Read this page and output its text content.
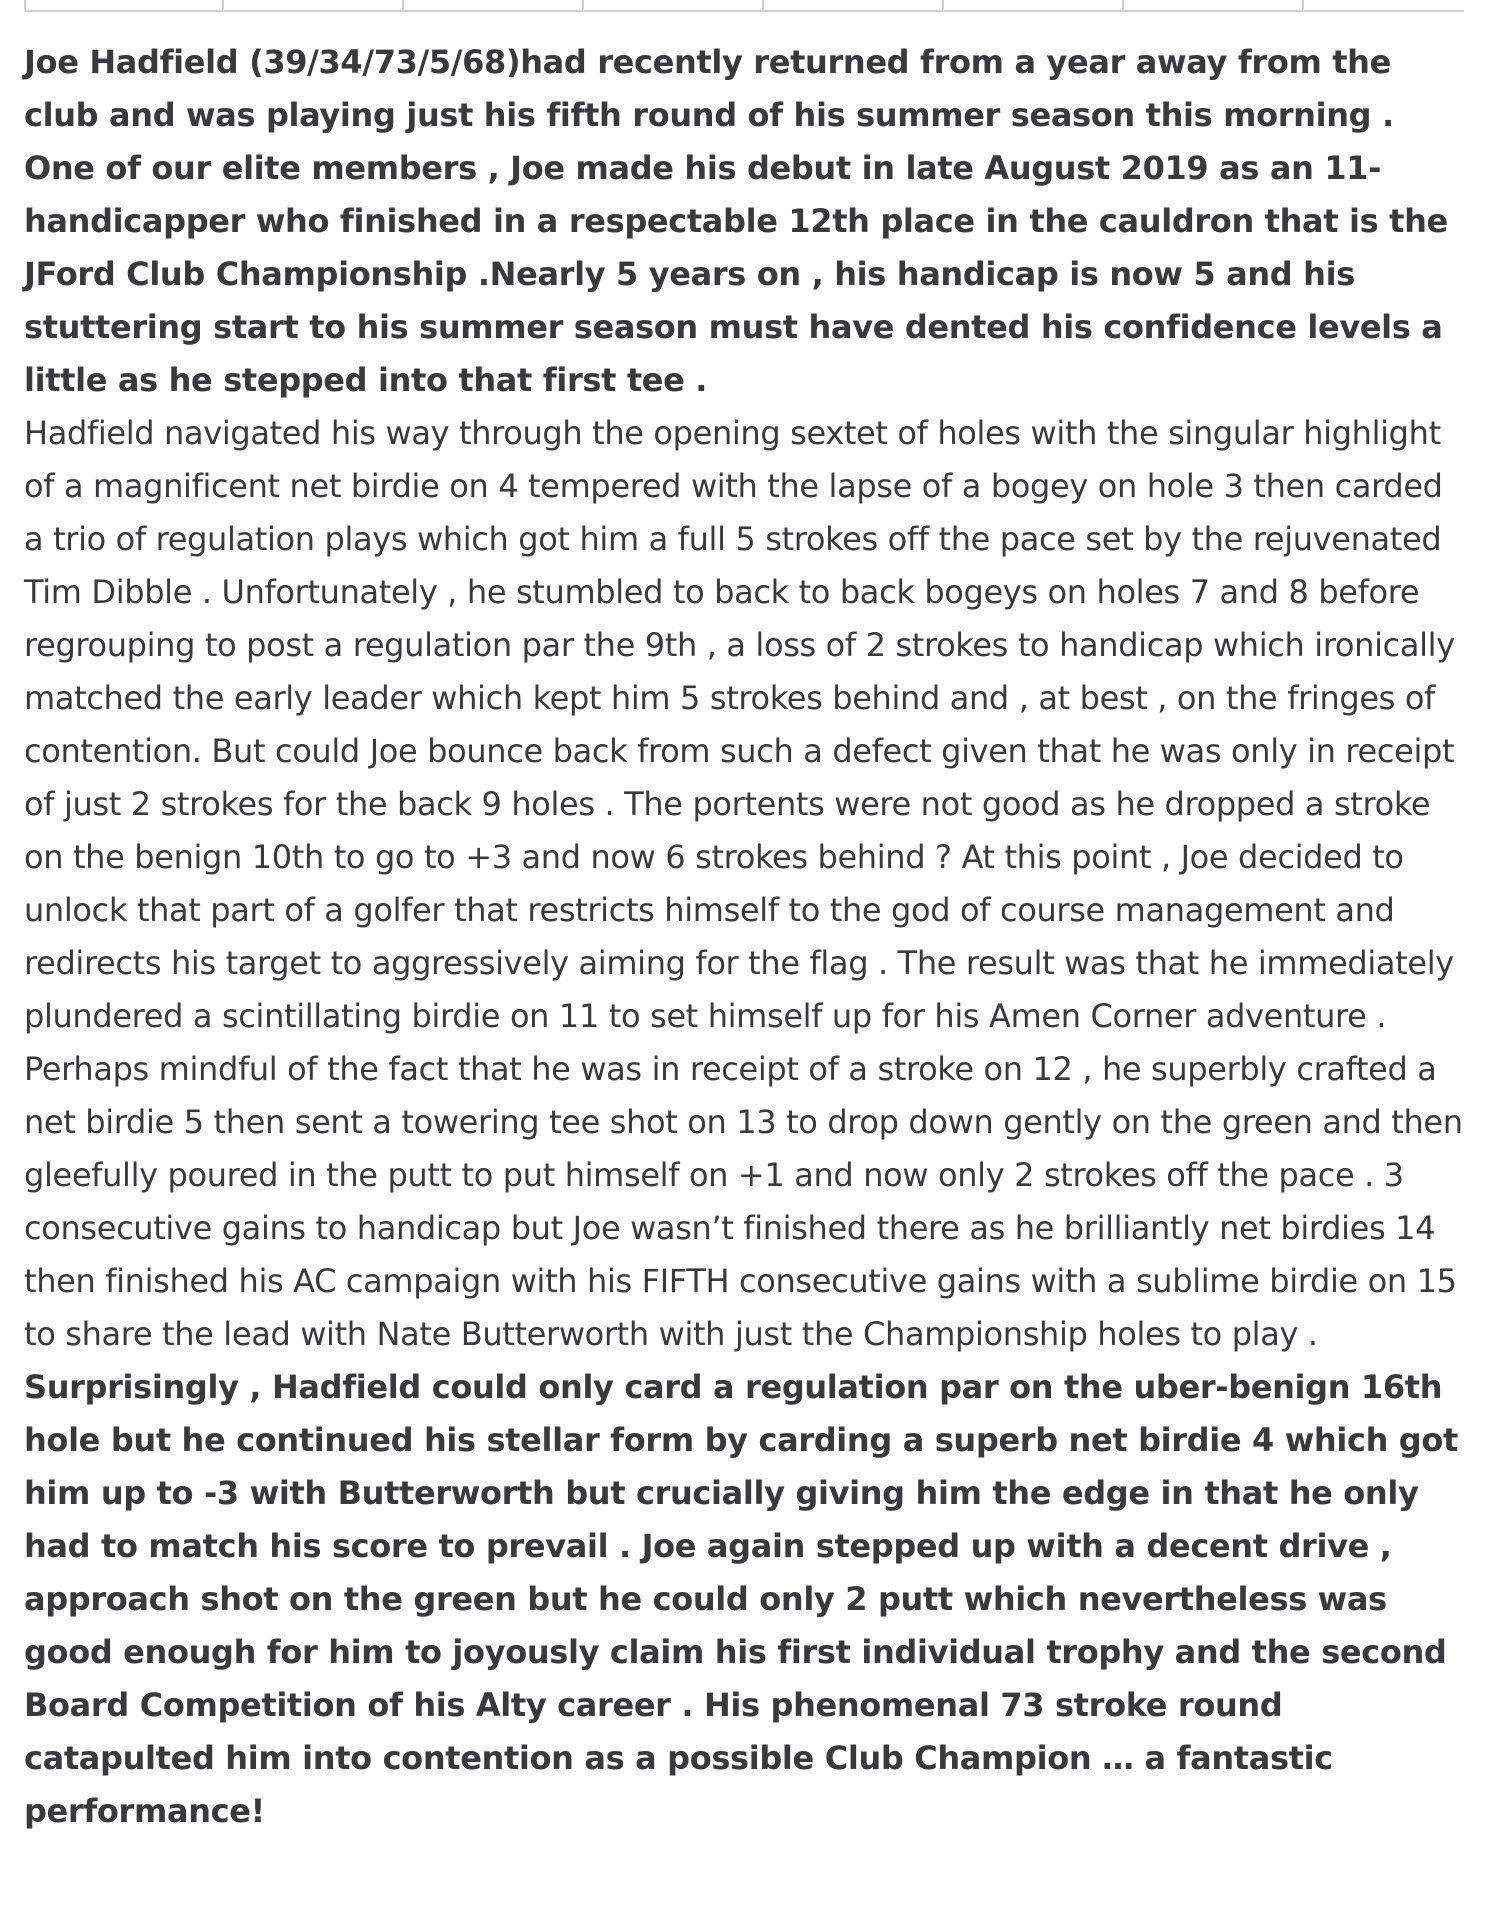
Joe Hadfield (39/34/73/5/68)had recently returned from a year away from the club and was playing just his fifth round of his summer season this morning . One of our elite members , Joe made his debut in late August 2019 as an 11-handicapper who finished in a respectable 12th place in the cauldron that is the JFord Club Championship .Nearly 5 years on , his handicap is now 5 and his stuttering start to his summer season must have dented his confidence levels a little as he stepped into that first tee .

Hadfield navigated his way through the opening sextet of holes with the singular highlight of a magnificent net birdie on 4 tempered with the lapse of a bogey on hole 3 then carded a trio of regulation plays which got him a full 5 strokes off the pace set by the rejuvenated Tim Dibble . Unfortunately , he stumbled to back to back bogeys on holes 7 and 8 before regrouping to post a regulation par the 9th , a loss of 2 strokes to handicap which ironically matched the early leader which kept him 5 strokes behind and , at best , on the fringes of contention. But could Joe bounce back from such a defect given that he was only in receipt of just 2 strokes for the back 9 holes . The portents were not good as he dropped a stroke on the benign 10th to go to +3 and now 6 strokes behind ? At this point , Joe decided to unlock that part of a golfer that restricts himself to the god of course management and redirects his target to aggressively aiming for the flag . The result was that he immediately plundered a scintillating birdie on 11 to set himself up for his Amen Corner adventure . Perhaps mindful of the fact that he was in receipt of a stroke on 12 , he superbly crafted a net birdie 5 then sent a towering tee shot on 13 to drop down gently on the green and then gleefully poured in the putt to put himself on +1 and now only 2 strokes off the pace . 3 consecutive gains to handicap but Joe wasn’t finished there as he brilliantly net birdies 14 then finished his AC campaign with his FIFTH consecutive gains with a sublime birdie on 15 to share the lead with Nate Butterworth with just the Championship holes to play .

Surprisingly , Hadfield could only card a regulation par on the uber-benign 16th hole but he continued his stellar form by carding a superb net birdie 4 which got him up to -3 with Butterworth but crucially giving him the edge in that he only had to match his score to prevail . Joe again stepped up with a decent drive , approach shot on the green but he could only 2 putt which nevertheless was good enough for him to joyously claim his first individual trophy and the second Board Competition of his Alty career . His phenomenal 73 stroke round catapulted him into contention as a possible Club Champion … a fantastic performance!
